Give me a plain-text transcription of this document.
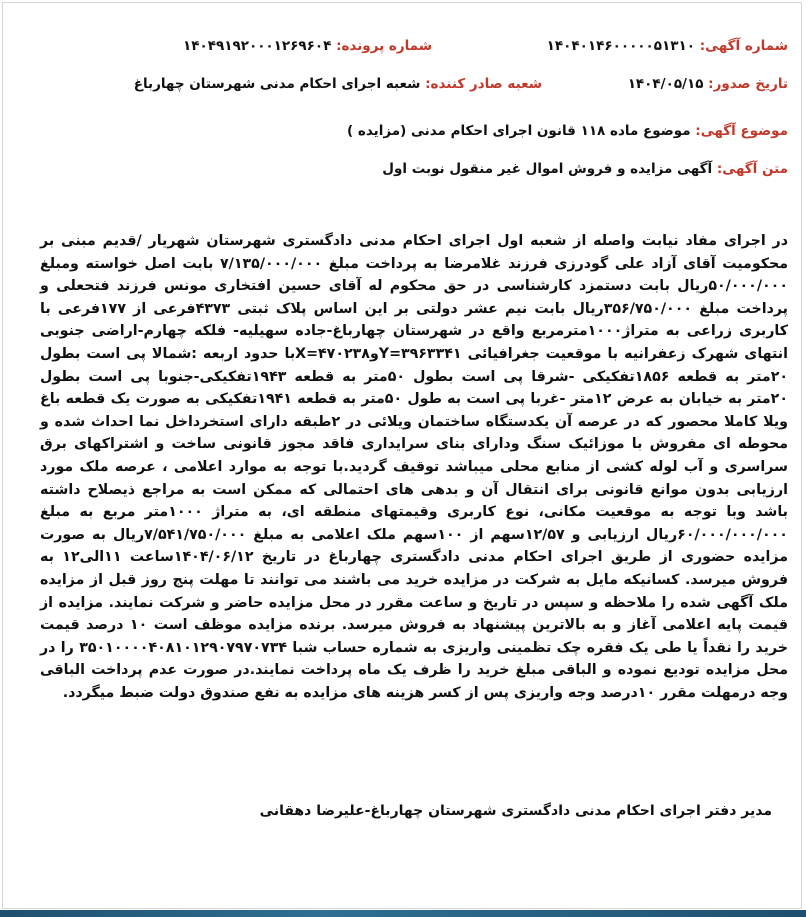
شماره آگهی: ۱۴۰۴۰۱۴۶۰۰۰۰۰۵۱۳۱۰
شماره پرونده: ۱۴۰۴۹۱۹۲۰۰۰۱۲۶۹۶۰۴
تاریخ صدور: ۱۴۰۴/۰۵/۱۵
شعبه صادر کننده: شعبه اجرای احکام مدنی شهرستان چهارباغ
موضوع آگهی: موضوع ماده ۱۱۸ قانون اجرای احکام مدنی (مزایده )
متن آگهی: آگهی مزایده و فروش اموال غیر منقول نوبت اول
در اجرای مفاد نیابت واصله از شعبه اول اجرای احکام مدنی دادگستری شهرستان شهریار /قدیم مبنی بر محکومیت آقای آزاد علی گودرزی فرزند غلامرضا به پرداخت مبلغ ۷/۱۳۵/۰۰۰/۰۰۰ بابت اصل خواسته ومبلغ ۵۰/۰۰۰/۰۰۰ریال بابت دستمزد کارشناسی در حق محکوم له آقای حسین افتخاری مونس فرزند فتحعلی و پرداخت مبلغ ۳۵۶/۷۵۰/۰۰۰ریال بابت نیم عشر دولتی بر این اساس پلاک ثبتی ۴۳۷۳فرعی از ۱۷۷فرعی با کاربری زراعی به متراژ۱۰۰۰مترمربع واقع در شهرستان چهارباغ-جاده سهیلیه- فلکه چهارم-اراضی جنوبی انتهای شهرک زعفرانیه با موقعیت جغرافیائی Y=۳۹۶۳۳۴۱وX=۴۷۰۲۳۸با حدود اربعه :شمالا پی است بطول ۲۰متر به قطعه ۱۸۵۶تفکیکی -شرقا پی است بطول ۵۰متر به قطعه ۱۹۴۳تفکیکی-جنوبا پی است بطول ۲۰متر به خیابان به عرض ۱۲متر -غربا پی است به طول ۵۰متر به قطعه ۱۹۴۱تفکیکی به صورت یک قطعه باغ ویلا کاملا محصور که در عرصه آن یکدستگاه ساختمان ویلائی در ۲طبقه دارای استخرداخل نما احداث شده و محوطه ای مفروش با موزائیک سنگ ودارای بنای سرایداری فاقد مجوز قانونی ساخت و اشتراکهای برق سراسری و آب لوله کشی از منابع محلی میباشد توقیف گردید.با توجه به موارد اعلامی ، عرصه ملک مورد ارزیابی بدون موانع قانونی برای انتقال آن و بدهی های احتمالی که ممکن است به مراجع ذیصلاح داشته باشد وبا توجه به موقعیت مکانی، نوع کاربری وقیمتهای منطقه ای، به متراژ ۱۰۰۰متر مربع به مبلغ ۶۰/۰۰۰/۰۰۰/۰۰۰ریال ارزیابی و ۱۲/۵۷سهم از ۱۰۰سهم ملک اعلامی به مبلغ ۷/۵۴۱/۷۵۰/۰۰۰ریال به صورت مزایده حضوری از طریق اجرای احکام مدنی دادگستری چهارباغ در تاریخ ۱۴۰۴/۰۶/۱۲ساعت ۱۱الی۱۲ به فروش میرسد. کسانیکه مایل به شرکت در مزایده خرید می باشند می توانند تا مهلت پنج روز قبل از مزایده ملک آگهی شده را ملاحظه و سپس در تاریخ و ساعت مقرر در محل مزایده حاضر و شرکت نمایند. مزایده از قیمت پایه اعلامی آغاز و به بالاترین پیشنهاد به فروش میرسد. برنده مزایده موظف است ۱۰ درصد قیمت خرید را نقداً یا طی یک فقره چک تظمینی واریزی به شماره حساب شبا ۳۵۰۱۰۰۰۰۴۰۸۱۰۱۲۹۰۷۹۷۰۷۳۴ را در محل مزایده تودیع نموده و الباقی مبلغ خرید را ظرف یک ماه پرداخت نمایند.در صورت عدم پرداخت الباقی وجه درمهلت مقرر ۱۰درصد وجه واریزی پس از کسر هزینه های مزایده به نفع صندوق دولت ضبط میگردد.
مدیر دفتر اجرای احکام مدنی دادگستری شهرستان چهارباغ-علیرضا دهقانی
